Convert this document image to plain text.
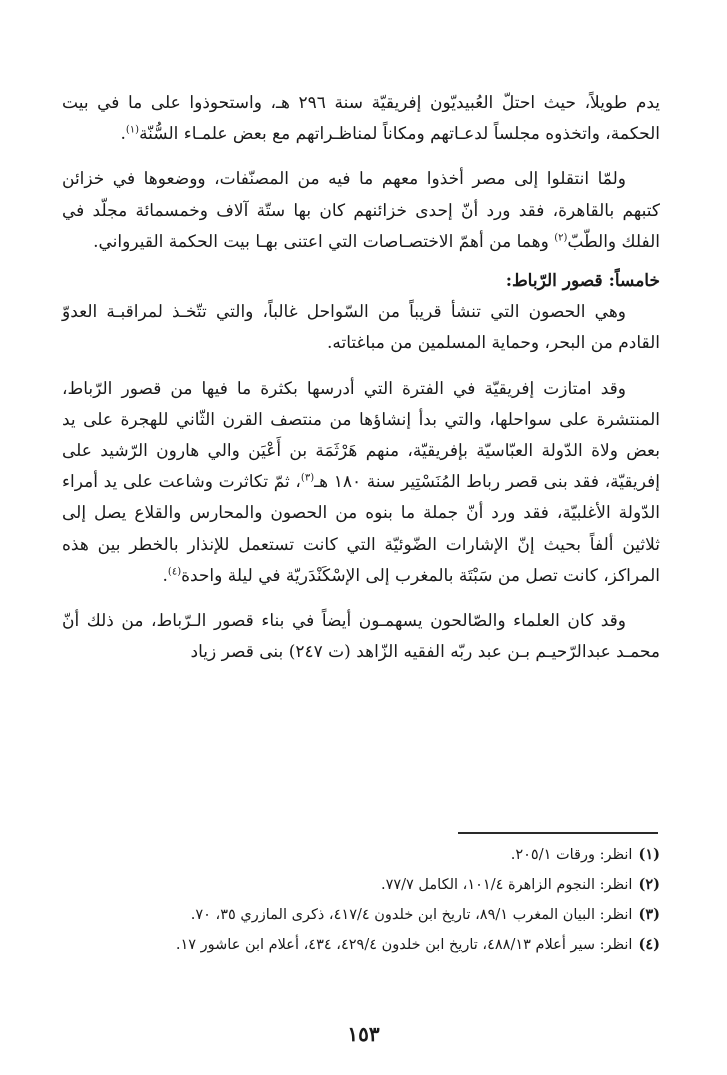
يدم طويلاً، حيث احتلّ العُبيديّون إفريقيّة سنة ٢٩٦ هـ، واستحوذوا على ما في بيت الحكمة، واتخذوه مجلساً لدعـاتهم ومكاناً لمناظـراتهم مع بعض علمـاء السُّنّة$^{(١)}$.

ولمّا انتقلوا إلى مصر أخذوا معهم ما فيه من المصنّفات، ووضعوها في خزائن كتبهم بالقاهرة، فقد ورد أنّ إحدى خزائنهم كان بها ستّة آلاف وخمسمائة مجلّد في الفلك والطّبّ$^{(٢)}$ وهما من أهمّ الاختصـاصات التي اعتنى بهـا بيت الحكمة القيرواني.

خامساً: قصور الرّباط:

وهي الحصون التي تنشأ قريباً من السّواحل غالباً، والتي تتّخـذ لمراقبـة العدوّ القادم من البحر، وحماية المسلمين من مباغتاته.

وقد امتازت إفريقيّة في الفترة التي أدرسها بكثرة ما فيها من قصور الرّباط، المنتشرة على سواحلها، والتي بدأ إنشاؤها من منتصف القرن الثّاني للهجرة على يد بعض ولاة الدّولة العبّاسيّة بإفريقيّة، منهم هَرْثَمَة بن أَعْيَن والي هارون الرّشيد على إفريقيّة، فقد بنى قصر رباط المُنَسْتِير سنة ١٨٠ هـ$^{(٣)}$، ثمّ تكاثرت وشاعت على يد أمراء الدّولة الأغلبيّة، فقد ورد أنّ جملة ما بنوه من الحصون والمحارس والقلاع يصل إلى ثلاثين ألفاً بحيث إنّ الإشارات الضّوئيّة التي كانت تستعمل للإنذار بالخطر بين هذه المراكز، كانت تصل من سَبْتَة بالمغرب إلى الإسْكَنْدَريّة في ليلة واحدة$^{(٤)}$.

وقد كان العلماء والصّالحون يسهمـون أيضاً في بناء قصور الـرّباط، من ذلك أنّ محمـد عبدالرّحيـم بـن عبد ربّه الفقيه الزّاهد (ت ٢٤٧) بنى قصر زياد

(١)انظر: ورقات ٢٠٥/١.
(٢)انظر: النجوم الزاهرة ١٠١/٤، الكامل ٧٧/٧.
(٣)انظر: البيان المغرب ٨٩/١، تاريخ ابن خلدون ٤١٧/٤، ذكرى المازري ٣٥، ٧٠.
(٤)انظر: سير أعلام ٤٨٨/١٣، تاريخ ابن خلدون ٤٢٩/٤، ٤٣٤، أعلام ابن عاشور ١٧.
١٥٣
